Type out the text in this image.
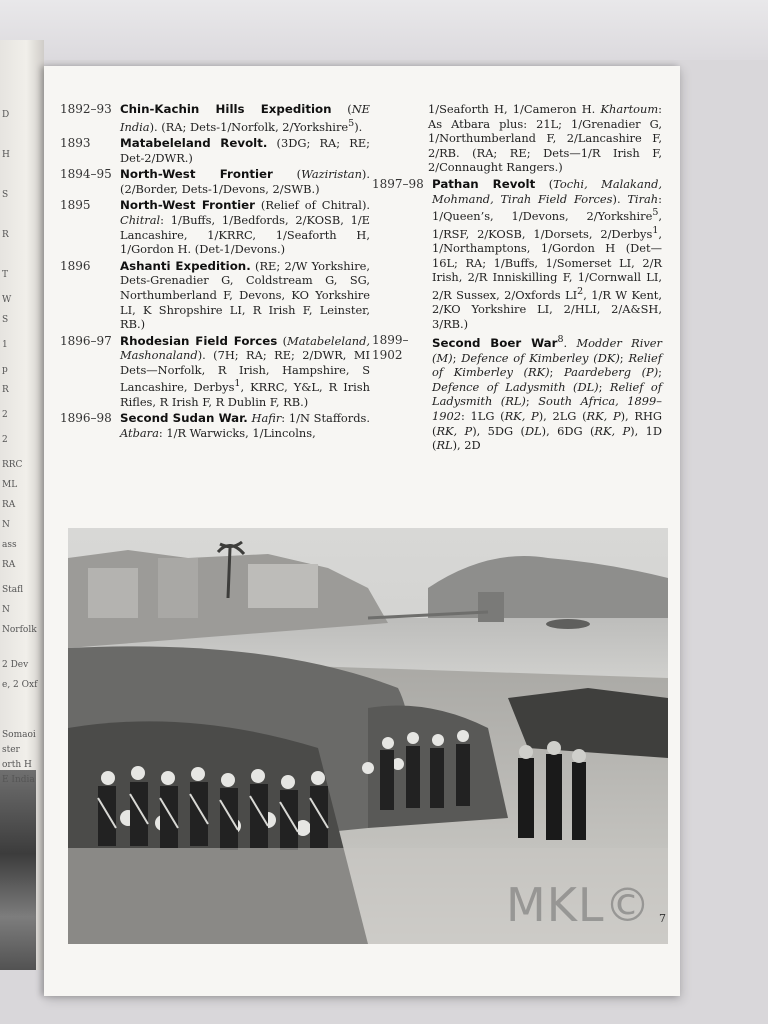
D
H
S
R
T
W
S
1
p
R
2
2
RRC
ML
RA
N
ass
RA
Stafl
N
Norfolk
2 Dev
e, 2 Oxf
Somaoi
ster
orth H
E India
1892–93 Chin-Kachin Hills Expedition (NE India). (RA; Dets-1/Norfolk, 2/Yorkshire$^5$).
1893	Matabeleland Revolt. (3DG; RA; RE; Det-2/DWR.)
1894–95 North-West Frontier (Waziristan). (2/Border, Dets-1/Devons, 2/SWB.)
1895	North-West Frontier (Relief of Chitral). Chitral: 1/Buffs, 1/Bedfords, 2/KOSB, 1/E Lancashire, 1/KRRC, 1/Seaforth H, 1/Gordon H. (Det-1/Devons.)
1896	Ashanti Expedition. (RE; 2/W Yorkshire, Dets-Grenadier G, Coldstream G, SG, Northumberland F, Devons, KO Yorkshire LI, K Shropshire LI, R Irish F, Leinster, RB.)
1896–97 Rhodesian Field Forces (Matabeleland, Mashonaland). (7H; RA; RE; 2/DWR, MI Dets—Norfolk, R Irish, Hampshire, S Lancashire, Derbys$^1$, KRRC, Y&L, R Irish Rifles, R Irish F, R Dublin F, RB.)
1896–98 Second Sudan War. Hafir: 1/N Staffords. Atbara: 1/R Warwicks, 1/Lincolns,
1/Seaforth H, 1/Cameron H. Khartoum: As Atbara plus: 21L; 1/Grenadier G, 1/Northumberland F, 2/Lancashire F, 2/RB. (RA; RE; Dets—1/R Irish F, 2/Connaught Rangers.)
1897–98 Pathan Revolt (Tochi, Malakand, Mohmand, Tirah Field Forces). Tirah: 1/Queen’s, 1/Devons, 2/Yorkshire$^5$, 1/RSF, 2/KOSB, 1/Dorsets, 2/Derbys$^1$, 1/Northamptons, 1/Gordon H (Det—16L; RA; 1/Buffs, 1/Somerset LI, 2/R Irish, 2/R Inniskilling F, 1/Cornwall LI, 2/R Sussex, 2/Oxfords $LI^2$, 1/R W Kent, 2/KO Yorkshire LI, 2/HLI, 2/A&SH, 3/RB.)
1899–1902
Second Boer War$^8$. Modder River (M); Defence of Kimberley (DK); Relief of Kimberley (RK); Paardeberg (P); Defence of Ladysmith (DL); Relief of Ladysmith (RL); South Africa, 1899–1902: 1LG (RK, P), 2LG (RK, P), RHG (RK, P), 5DG (DL), 6DG (RK, P), 1D (RL), 2D
7
MKL©
